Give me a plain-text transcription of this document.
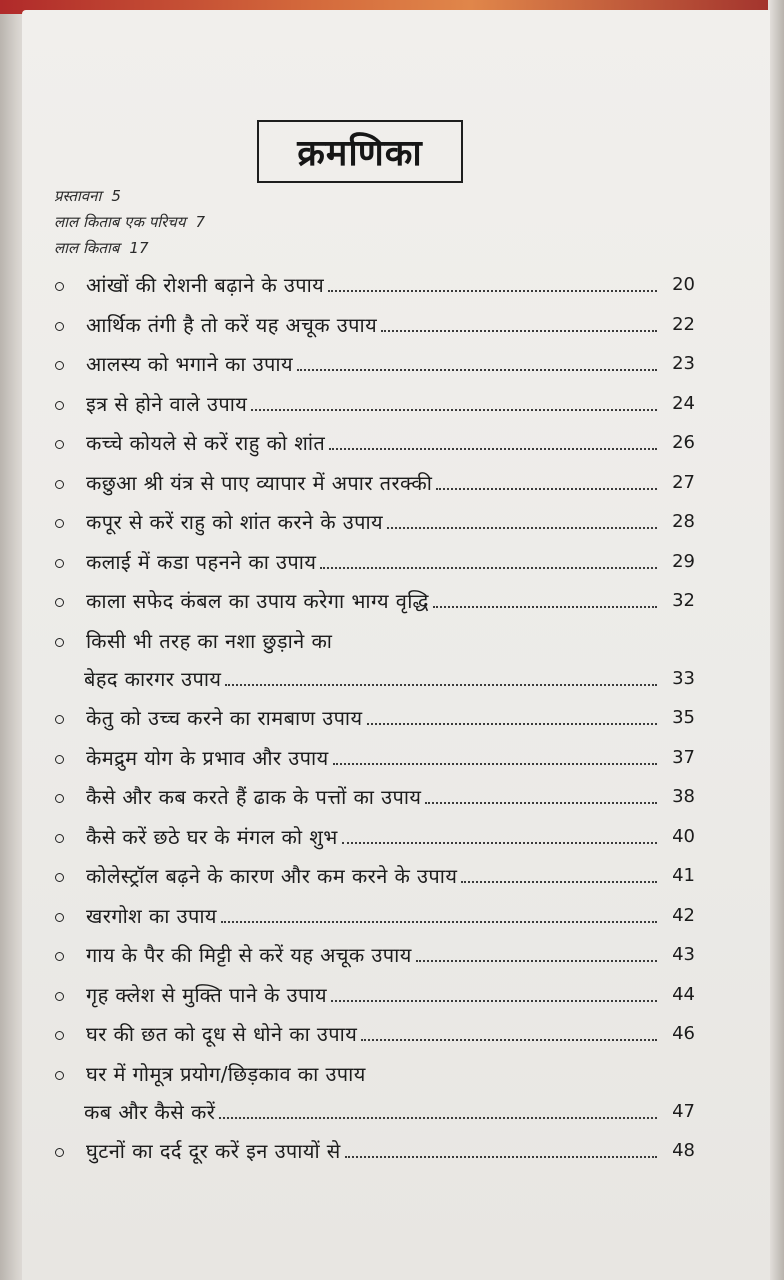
क्रमणिका
प्रस्तावना 5
लाल किताब एक परिचय 7
लाल किताब 17
आंखों की रोशनी बढ़ाने के उपाय	20
आर्थिक तंगी है तो करें यह अचूक उपाय	22
आलस्य को भगाने का उपाय	23
इत्र से होने वाले उपाय	24
कच्चे कोयले से करें राहु को शांत	26
कछुआ श्री यंत्र से पाए व्यापार में अपार तरक्की	27
कपूर से करें राहु को शांत करने के उपाय	28
कलाई में कडा पहनने का उपाय	29
काला सफेद कंबल का उपाय करेगा भाग्य वृद्धि	32
किसी भी तरह का नशा छुड़ाने का
बेहद कारगर उपाय	33
केतु को उच्च करने का रामबाण उपाय	35
केमद्रुम योग के प्रभाव और उपाय	37
कैसे और कब करते हैं ढाक के पत्तों का उपाय	38
कैसे करें छठे घर के मंगल को शुभ	40
कोलेस्ट्रॉल बढ़ने के कारण और कम करने के उपाय	41
खरगोश का उपाय	42
गाय के पैर की मिट्टी से करें यह अचूक उपाय	43
गृह क्लेश से मुक्ति पाने के उपाय	44
घर की छत को दूध से धोने का उपाय	46
घर में गोमूत्र प्रयोग/छिड़काव का उपाय
कब और कैसे करें	47
घुटनों का दर्द दूर करें इन उपायों से	48
